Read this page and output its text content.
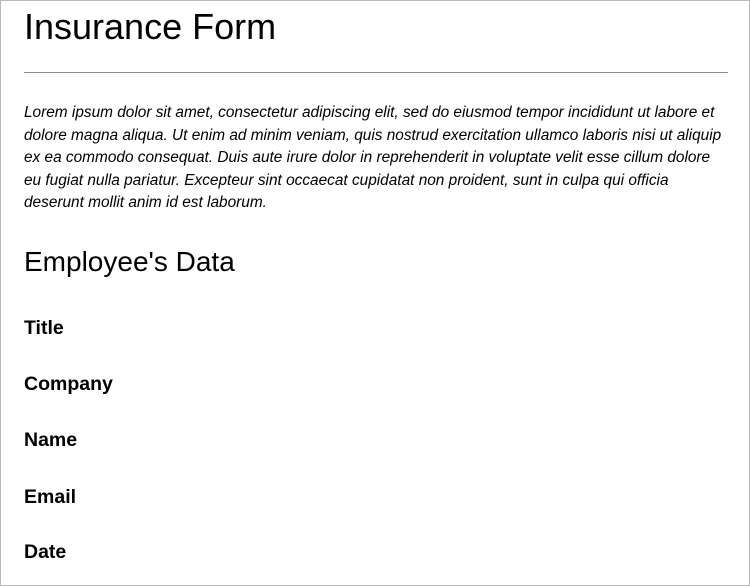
Insurance Form

Lorem ipsum dolor sit amet, consectetur adipiscing elit, sed do eiusmod tempor incididunt ut labore et dolore magna aliqua. Ut enim ad minim veniam, quis nostrud exercitation ullamco laboris nisi ut aliquip ex ea commodo consequat. Duis aute irure dolor in reprehenderit in voluptate velit esse cillum dolore eu fugiat nulla pariatur. Excepteur sint occaecat cupidatat non proident, sunt in culpa qui officia deserunt mollit anim id est laborum.

Employee's Data
Title
Company
Name
Email
Date
